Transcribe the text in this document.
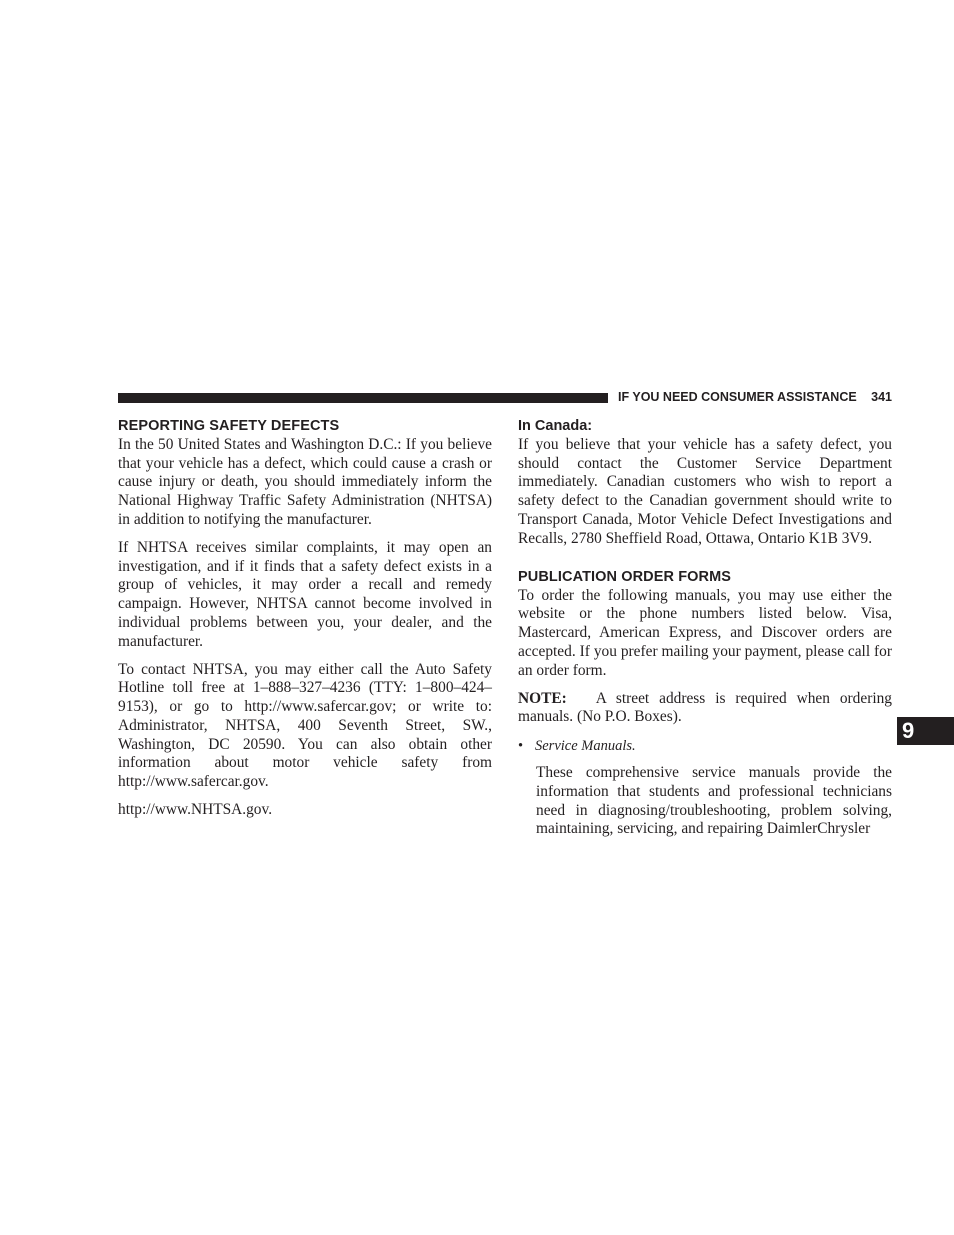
IF YOU NEED CONSUMER ASSISTANCE 341
REPORTING SAFETY DEFECTS

In the 50 United States and Washington D.C.: If you believe that your vehicle has a defect, which could cause a crash or cause injury or death, you should immediately inform the National Highway Traffic Safety Administration (NHTSA) in addition to notifying the manufacturer.

If NHTSA receives similar complaints, it may open an investigation, and if it finds that a safety defect exists in a group of vehicles, it may order a recall and remedy campaign. However, NHTSA cannot become involved in individual problems between you, your dealer, and the manufacturer.

To contact NHTSA, you may either call the Auto Safety Hotline toll free at 1–888–327–4236 (TTY: 1–800–424–9153), or go to http://www.safercar.gov; or write to: Administrator, NHTSA, 400 Seventh Street, SW., Washington, DC 20590. You can also obtain other information about motor vehicle safety from http://www.safercar.gov.

http://www.NHTSA.gov.

In Canada:

If you believe that your vehicle has a safety defect, you should contact the Customer Service Department immediately. Canadian customers who wish to report a safety defect to the Canadian government should write to Transport Canada, Motor Vehicle Defect Investigations and Recalls, 2780 Sheffield Road, Ottawa, Ontario K1B 3V9.

PUBLICATION ORDER FORMS

To order the following manuals, you may use either the website or the phone numbers listed below. Visa, Mastercard, American Express, and Discover orders are accepted. If you prefer mailing your payment, please call for an order form.

NOTE: A street address is required when ordering manuals. (No P.O. Boxes).

• Service Manuals.

These comprehensive service manuals provide the information that students and professional technicians need in diagnosing/troubleshooting, problem solving, maintaining, servicing, and repairing DaimlerChrysler

9
